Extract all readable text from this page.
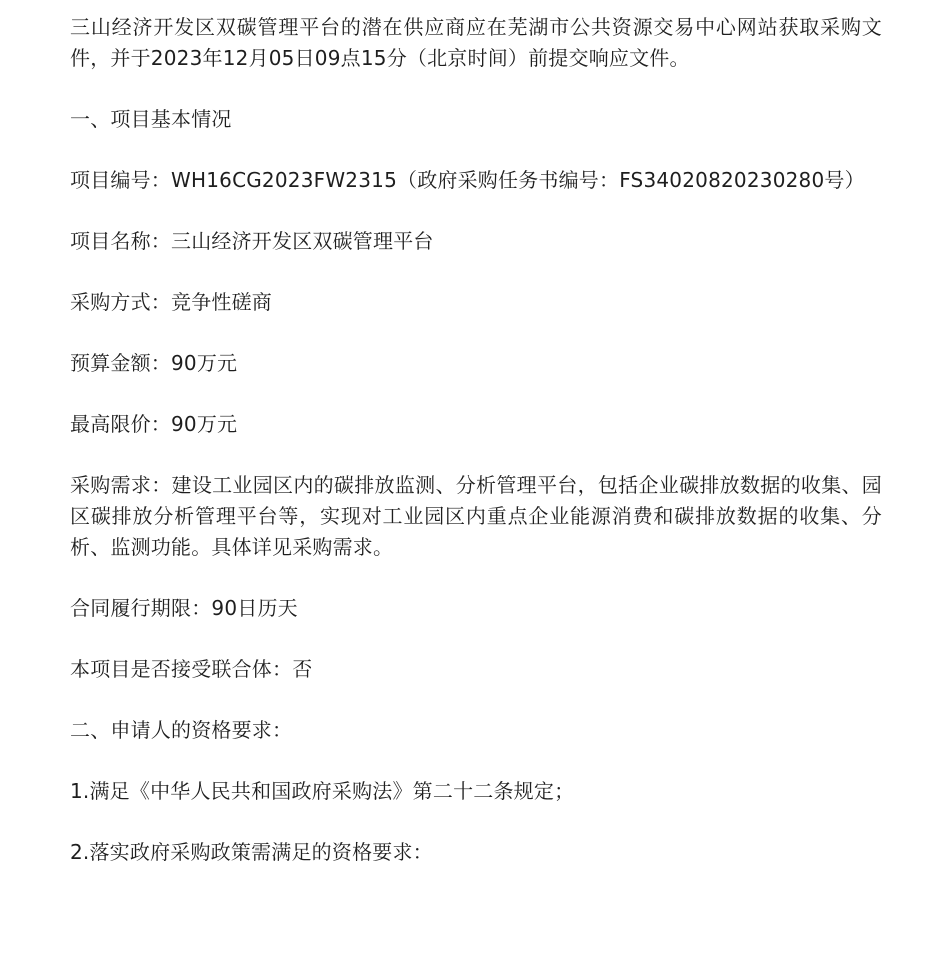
三山经济开发区双碳管理平台的潜在供应商应在芜湖市公共资源交易中心网站获取采购文件，并于2023年12月05日09点15分（北京时间）前提交响应文件。

一、项目基本情况

项目编号：WH16CG2023FW2315（政府采购任务书编号：FS34020820230280号）

项目名称：三山经济开发区双碳管理平台

采购方式：竞争性磋商

预算金额：90万元

最高限价：90万元

采购需求：建设工业园区内的碳排放监测、分析管理平台，包括企业碳排放数据的收集、园区碳排放分析管理平台等，实现对工业园区内重点企业能源消费和碳排放数据的收集、分析、监测功能。具体详见采购需求。

合同履行期限：90日历天

本项目是否接受联合体：否

二、申请人的资格要求：

1.满足《中华人民共和国政府采购法》第二十二条规定；

2.落实政府采购政策需满足的资格要求：
